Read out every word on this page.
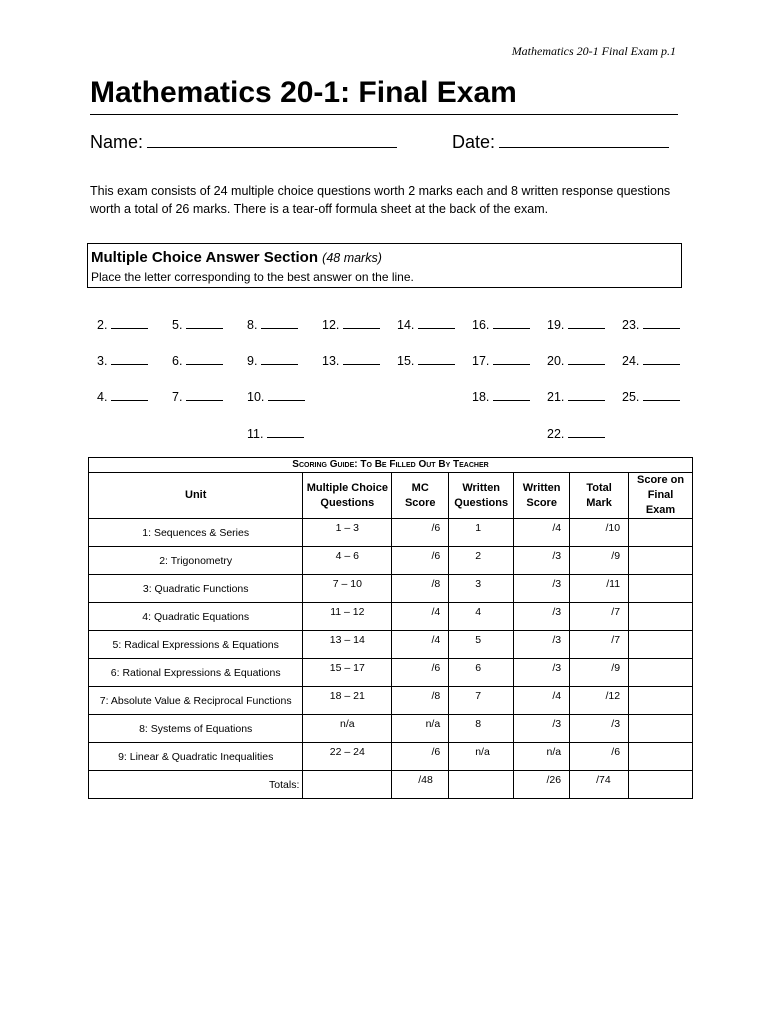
Mathematics 20-1 Final Exam p.1
Mathematics 20-1: Final Exam
Name:	Date:
This exam consists of 24 multiple choice questions worth 2 marks each and 8 written response questions worth a total of 26 marks. There is a tear-off formula sheet at the back of the exam.
Multiple Choice Answer Section (48 marks)
Place the letter corresponding to the best answer on the line.
2.
3.
4.
5.
6.
7.
8.
9.
10.
11.
12.
13.
14.
15.
16.
17.
18.
19.
20.
21.
22.
23.
24.
25.
Scoring Guide: To Be Filled Out By Teacher						
Unit	Multiple Choice Questions	MC Score	Written Questions	Written Score	Total Mark	Score on Final Exam
1: Sequences & Series	1 – 3	/6	1	/4	/10	
2: Trigonometry	4 – 6	/6	2	/3	/9	
3: Quadratic Functions	7 – 10	/8	3	/3	/11	
4: Quadratic Equations	11 – 12	/4	4	/3	/7	
5: Radical Expressions & Equations	13 – 14	/4	5	/3	/7	
6: Rational Expressions & Equations	15 – 17	/6	6	/3	/9	
7: Absolute Value & Reciprocal Functions	18 – 21	/8	7	/4	/12	
8: Systems of Equations	n/a	n/a	8	/3	/3	
9: Linear & Quadratic Inequalities	22 – 24	/6	n/a	n/a	/6	
Totals:		/48		/26	/74	
